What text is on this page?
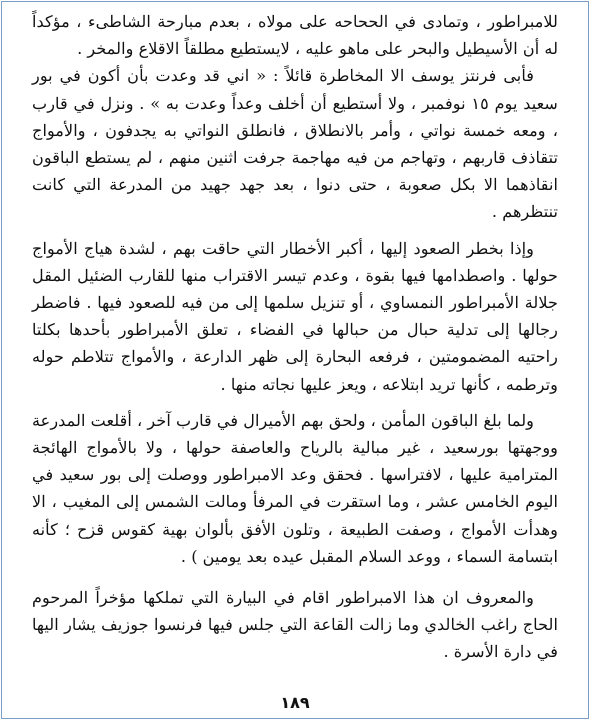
للامبراطور ، وتمادى في الححاحه على مولاه ، بعدم مبارحة الشاطىء ، مؤكداً له أن الأسيطيل والبحر على ماهو عليه ، لايستطيع مطلقاً الاقلاع والمخر .

فأبى فرنتز يوسف الا المخاطرة قائلاً : « اني قد وعدت بأن أكون في بور سعيد يوم ١٥ نوفمبر ، ولا أستطيع أن أخلف وعداً وعدت به » . ونزل في قارب ، ومعه خمسة نواتي ، وأمر بالانطلاق ، فانطلق النواتي به يجدفون ، والأمواج تتقاذف قاربهم ، وتهاجم من فيه مهاجمة جرفت اثنين منهم ، لم يستطع الباقون انقاذهما الا بكل صعوبة ، حتى دنوا ، بعد جهد جهيد من المدرعة التي كانت تنتظرهم .

وإذا بخطر الصعود إليها ، أكبر الأخطار التي حاقت بهم ، لشدة هياج الأمواج حولها . واصطدامها فيها بقوة ، وعدم تيسر الاقتراب منها للقارب الضئيل المقل جلالة الأمبراطور النمساوي ، أو تنزيل سلمها إلى من فيه للصعود فيها . فاضطر رجالها إلى تدلية حبال من حبالها في الفضاء ، تعلق الأمبراطور بأحدها بكلتا راحتيه المضمومتين ، فرفعه البحارة إلى ظهر الدارعة ، والأمواج تتلاطم حوله وترطمه ، كأنها تريد ابتلاعه ، ويعز عليها نجاته منها .

ولما بلغ الباقون المأمن ، ولحق بهم الأميرال في قارب آخر ، أقلعت المدرعة ووجهتها بورسعيد ، غير مبالية بالرياح والعاصفة حولها ، ولا بالأمواج الهائجة المترامية عليها ، لافتراسها . فحقق وعد الامبراطور ووصلت إلى بور سعيد في اليوم الخامس عشر ، وما استقرت في المرفأ ومالت الشمس إلى المغيب ، الا وهدأت الأمواج ، وصفت الطبيعة ، وتلون الأفق بألوان بهية كقوس قزح ؛ كأنه ابتسامة السماء ، ووعد السلام المقبل عيده بعد يومين ) .

والمعروف ان هذا الامبراطور اقام في البيارة التي تملكها مؤخراً المرحوم الحاج راغب الخالدي وما زالت القاعة التي جلس فيها فرنسوا جوزيف يشار اليها في دارة الأسرة .

١٨٩
